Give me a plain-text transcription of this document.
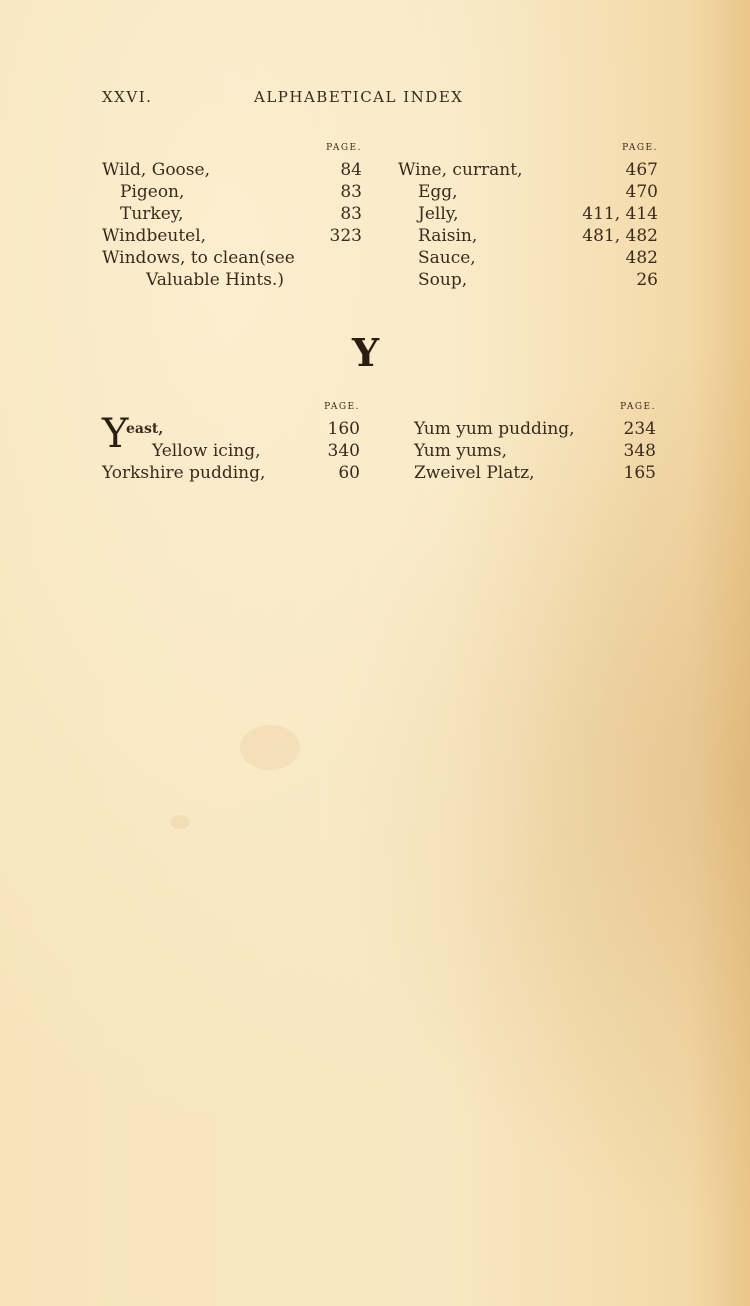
XXVI.	ALPHABETICAL INDEX
PAGE.
Wild, Goose,	84
Pigeon,	83
Turkey,	83
Windbeutel,	323
Windows, to clean(see
Valuable Hints.)
PAGE.
Wine, currant,	467
Egg,	470
Jelly,	411, 414
Raisin,	481, 482
Sauce,	482
Soup,	26
Y
PAGE.
Y
east,	160
Yellow icing,	340
Yorkshire pudding,	60
PAGE.
Yum yum pudding,	234
Yum yums,	348
Zweivel Platz,	165
